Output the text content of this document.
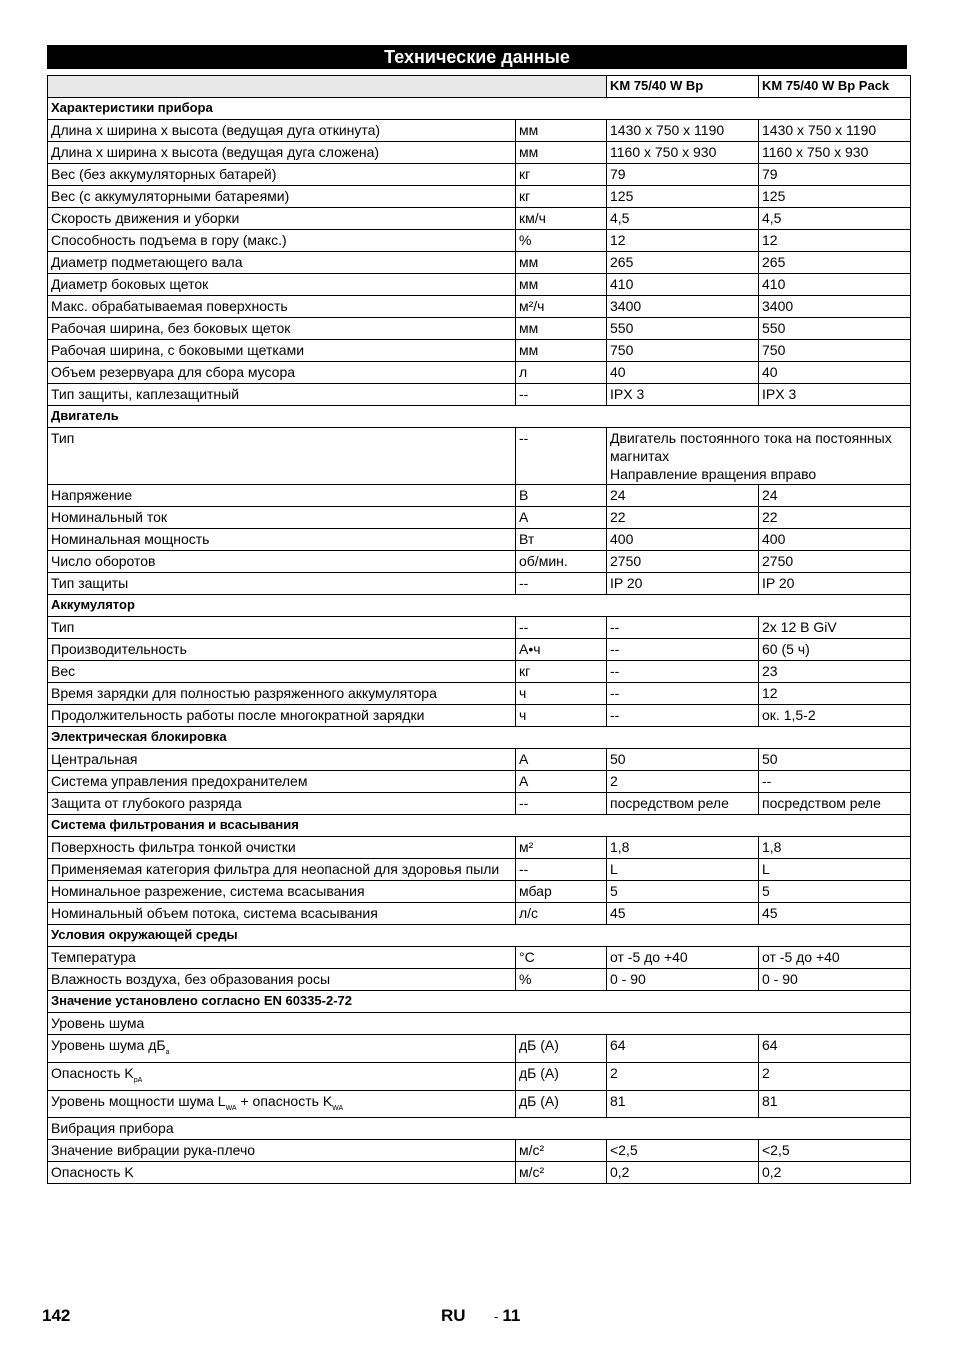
Технические данные
		KM 75/40 W Bp	KM 75/40 W Bp Pack
Характеристики прибора			
Длина х ширина х высота (ведущая дуга откинута)	мм	1430 x 750 x 1190	1430 x 750 x 1190
Длина х ширина х высота (ведущая дуга сложена)	мм	1160 x 750 x 930	1160 x 750 x 930
Вес (без аккумуляторных батарей)	кг	79	79
Вес (с аккумуляторными батареями)	кг	125	125
Скорость движения и уборки	км/ч	4,5	4,5
Способность подъема в гору (макс.)	%	12	12
Диаметр подметающего вала	мм	265	265
Диаметр боковых щеток	мм	410	410
Макс. обрабатываемая поверхность	м²/ч	3400	3400
Рабочая ширина, без боковых щеток	мм	550	550
Рабочая ширина, с боковыми щетками	мм	750	750
Объем резервуара для сбора мусора	л	40	40
Тип защиты, каплезащитный	--	IPX 3	IPX 3
Двигатель			
Тип	--	Двигатель постоянного тока на постоянных магнитах
Направление вращения вправо	

Напряжение	В	24	24
Номинальный ток	А	22	22
Номинальная мощность	Вт	400	400
Число оборотов	об/мин.	2750	2750
Тип защиты	--	IP 20	IP 20
Аккумулятор			
Тип	--	--	2x 12 В GiV
Производительность	А•ч	--	60 (5 ч)
Вес	кг	--	23
Время зарядки для полностью разряженного аккумулятора	ч	--	12
Продолжительность работы после многократной зарядки	ч	--	ок. 1,5-2
Электрическая блокировка			
Центральная	А	50	50
Система управления предохранителем	А	2	--
Защита от глубокого разряда	--	посредством реле	посредством реле
Система фильтрования и всасывания			
Поверхность фильтра тонкой очистки	м²	1,8	1,8
Применяемая категория фильтра для неопасной для здоровья пыли	--	L	L
Номинальное разрежение, система всасывания	мбар	5	5
Номинальный объем потока, система всасывания	л/с	45	45
Условия окружающей среды			
Температура	°С	от -5 до +40	от -5 до +40
Влажность воздуха, без образования росы	%	0 - 90	0 - 90
Значение установлено согласно EN 60335-2-72			
Уровень шума			
Уровень шума $дБ_a$	дБ (А)	64	64
Опасность $K_{pA}$	дБ (А)	2	2
Уровень мощности шума $L_{WA}$ + опасность $K_{WA}$	дБ (А)	81	81
Вибрация прибора			
Значение вибрации рука-плечо	м/с²	<2,5	<2,5
Опасность K	м/с²	0,2	0,2
142	RU - 11
